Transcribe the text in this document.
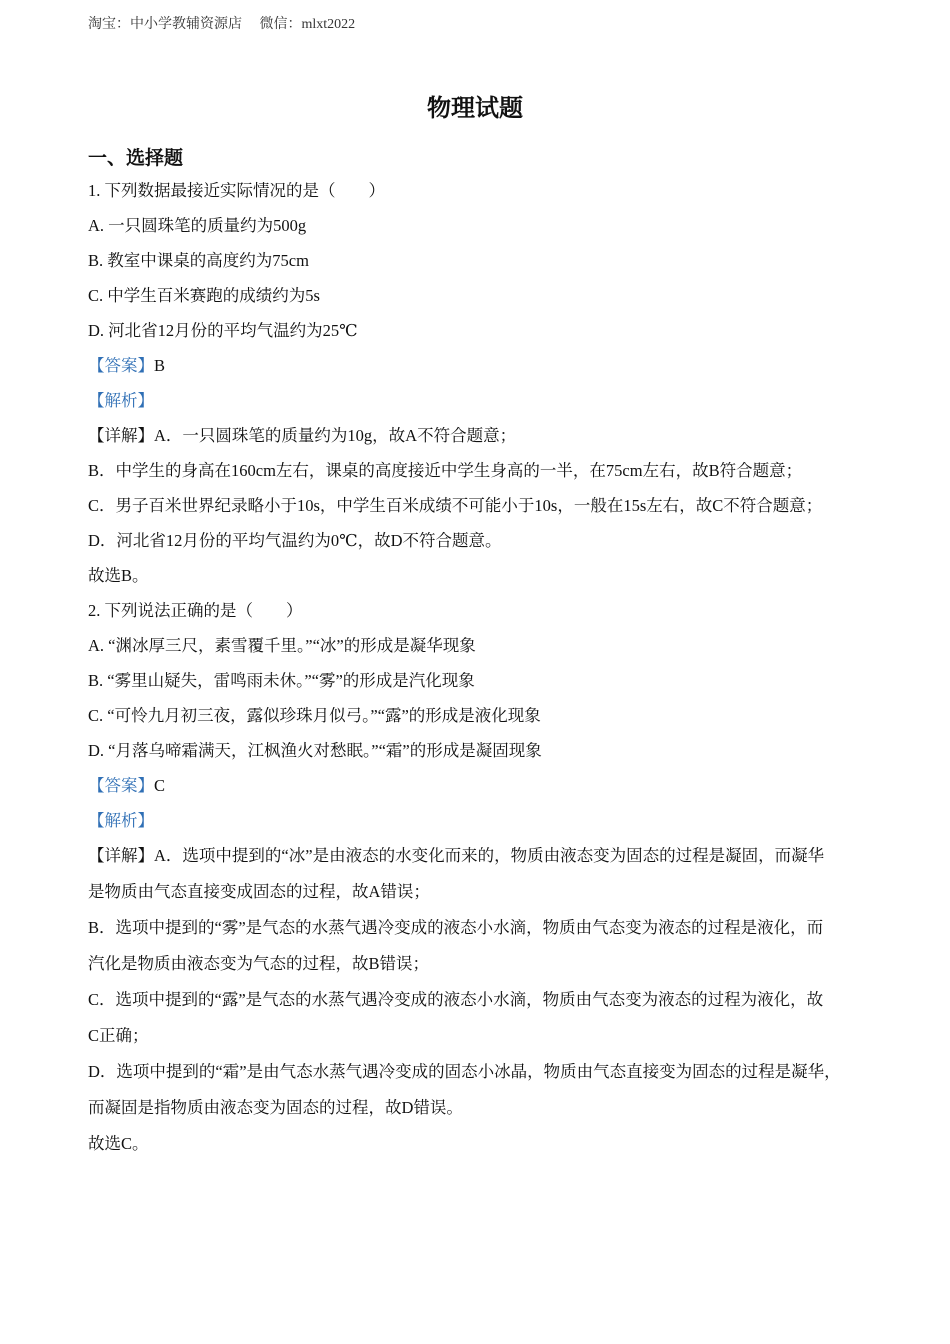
淘宝：中小学教辅资源店 微信：mlxt2022
物理试题
一、选择题
1. 下列数据最接近实际情况的是（　　）
A. 一只圆珠笔的质量约为500g
B. 教室中课桌的高度约为75cm
C. 中学生百米赛跑的成绩约为5s
D. 河北省12月份的平均气温约为25℃
【答案】B
【解析】
【详解】A．一只圆珠笔的质量约为10g，故A不符合题意；
B．中学生的身高在160cm左右，课桌的高度接近中学生身高的一半，在75cm左右，故B符合题意；
C．男子百米世界纪录略小于10s，中学生百米成绩不可能小于10s，一般在15s左右，故C不符合题意；
D．河北省12月份的平均气温约为0℃，故D不符合题意。
故选B。
2. 下列说法正确的是（　　）
A. “渊冰厚三尺，素雪覆千里。”“冰”的形成是凝华现象
B. “雾里山疑失，雷鸣雨未休。”“雾”的形成是汽化现象
C. “可怜九月初三夜，露似珍珠月似弓。”“露”的形成是液化现象
D. “月落乌啼霜满天，江枫渔火对愁眠。”“霜”的形成是凝固现象
【答案】C
【解析】
【详解】A．选项中提到的“冰”是由液态的水变化而来的，物质由液态变为固态的过程是凝固，而凝华
是物质由气态直接变成固态的过程，故A错误；
B．选项中提到的“雾”是气态的水蒸气遇冷变成的液态小水滴，物质由气态变为液态的过程是液化，而
汽化是物质由液态变为气态的过程，故B错误；
C．选项中提到的“露”是气态的水蒸气遇冷变成的液态小水滴，物质由气态变为液态的过程为液化，故
C正确；
D．选项中提到的“霜”是由气态水蒸气遇冷变成的固态小冰晶，物质由气态直接变为固态的过程是凝华，
而凝固是指物质由液态变为固态的过程，故D错误。
故选C。
